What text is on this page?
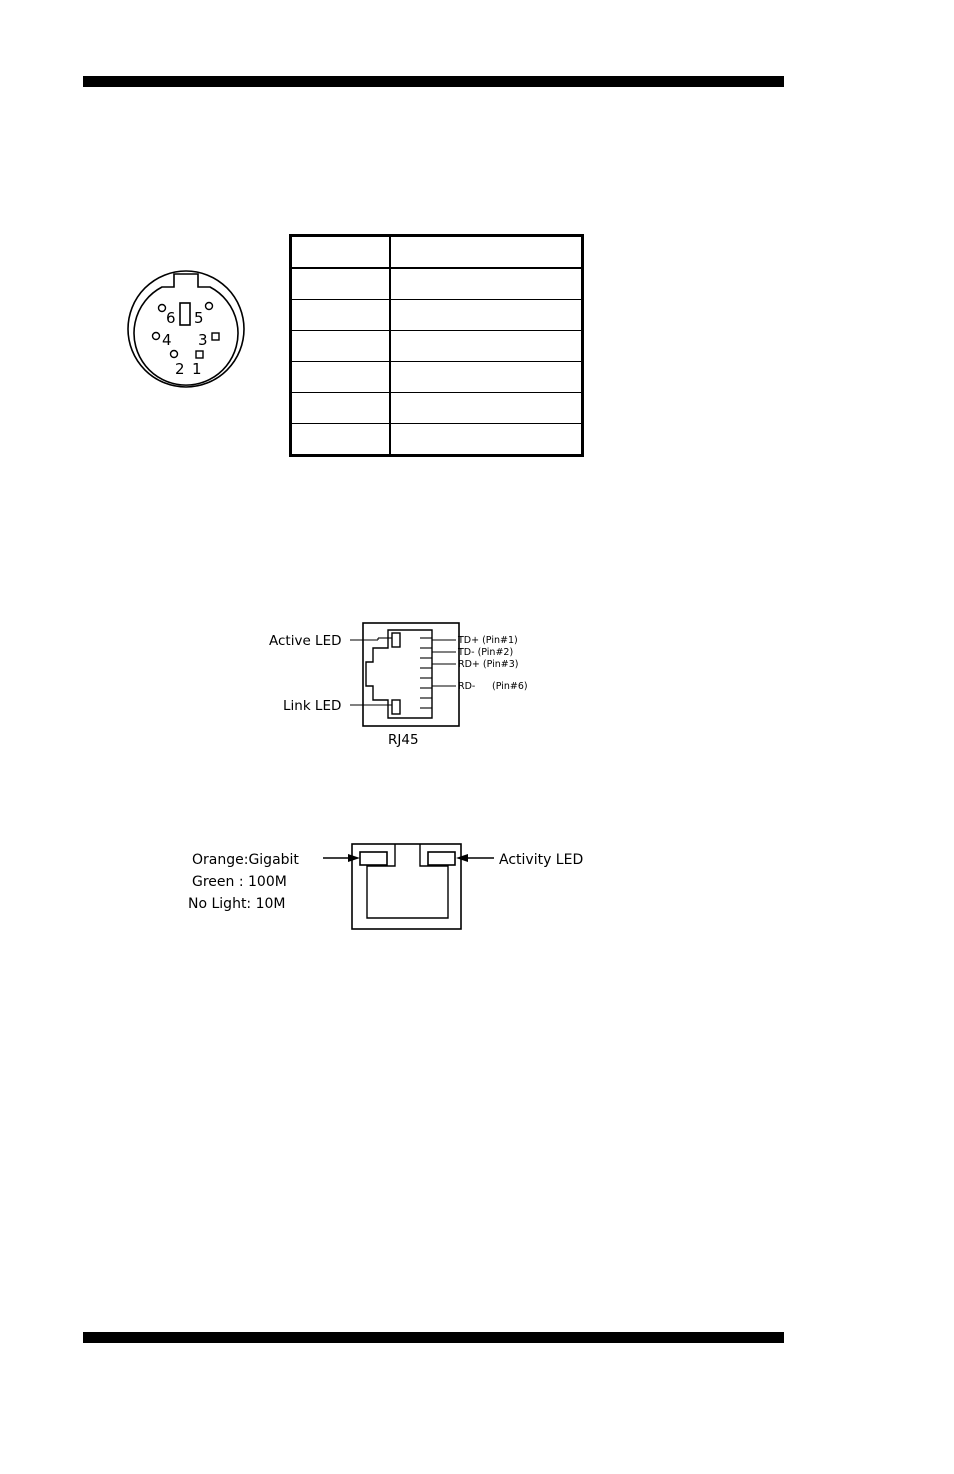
6 5
4 3
2 1

Active LED
Link LED
RJ45
TD+ (Pin#1)
TD- (Pin#2)
RD+ (Pin#3)
RD- (Pin#6)
Orange:Gigabit
Green : 100M
No Light: 10M
Activity LED
